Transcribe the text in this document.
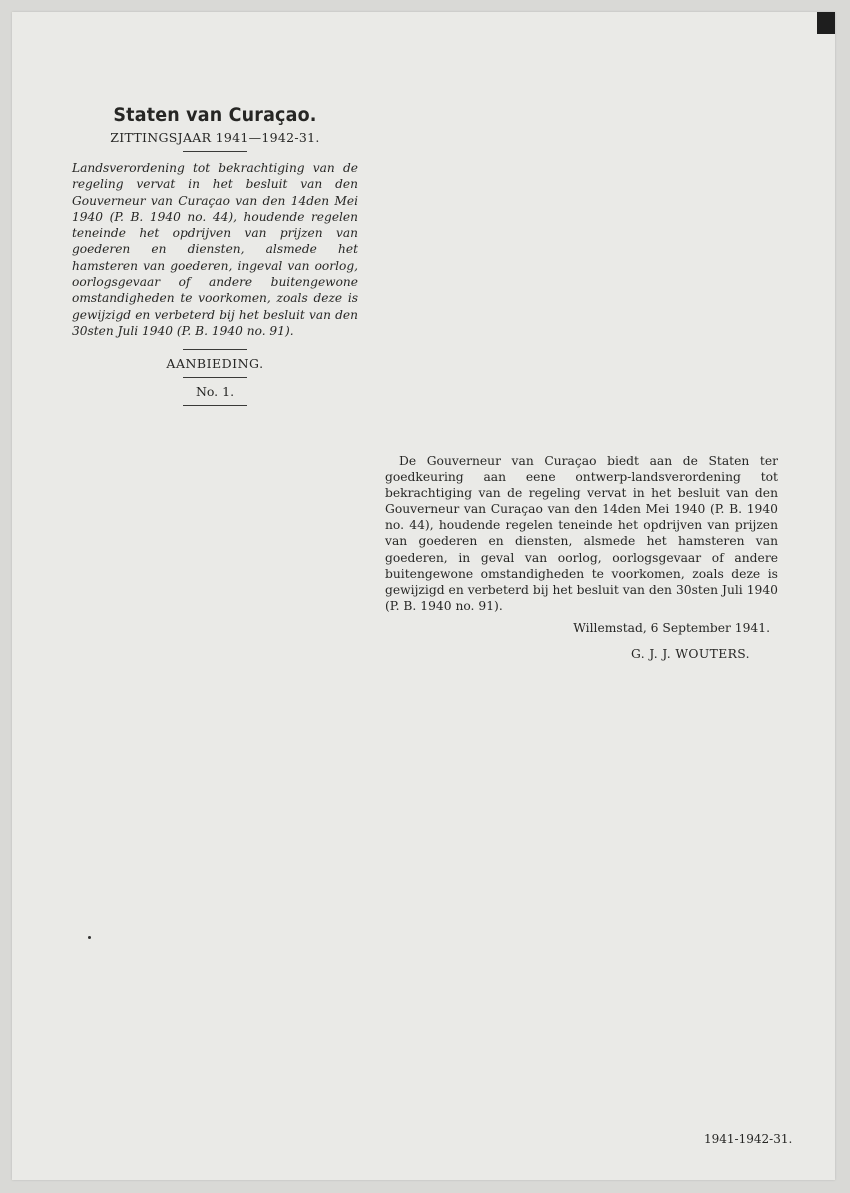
Staten van Curaçao.
ZITTINGSJAAR 1941—1942-31.

Landsverordening tot bekrachtiging van de regeling vervat in het besluit van den Gouverneur van Curaçao van den 14den Mei 1940 (P. B. 1940 no. 44), houdende regelen teneinde het opdrijven van prijzen van goederen en diensten, alsmede het hamsteren van goederen, ingeval van oorlog, oorlogsgevaar of andere buitengewone omstandigheden te voorkomen, zoals deze is gewijzigd en verbeterd bij het besluit van den 30sten Juli 1940 (P. B. 1940 no. 91).

AANBIEDING.
No. 1.

De Gouverneur van Curaçao biedt aan de Staten ter goedkeuring aan eene ontwerp-landsverordening tot bekrachtiging van de regeling vervat in het besluit van den Gouverneur van Curaçao van den 14den Mei 1940 (P. B. 1940 no. 44), houdende regelen teneinde het opdrijven van prijzen van goederen en diensten, alsmede het hamsteren van goederen, in geval van oorlog, oorlogsgevaar of andere buitengewone omstandigheden te voorkomen, zoals deze is gewijzigd en verbeterd bij het besluit van den 30sten Juli 1940 (P. B. 1940 no. 91).

Willemstad, 6 September 1941.
G. J. J. WOUTERS.
1941-1942-31.
